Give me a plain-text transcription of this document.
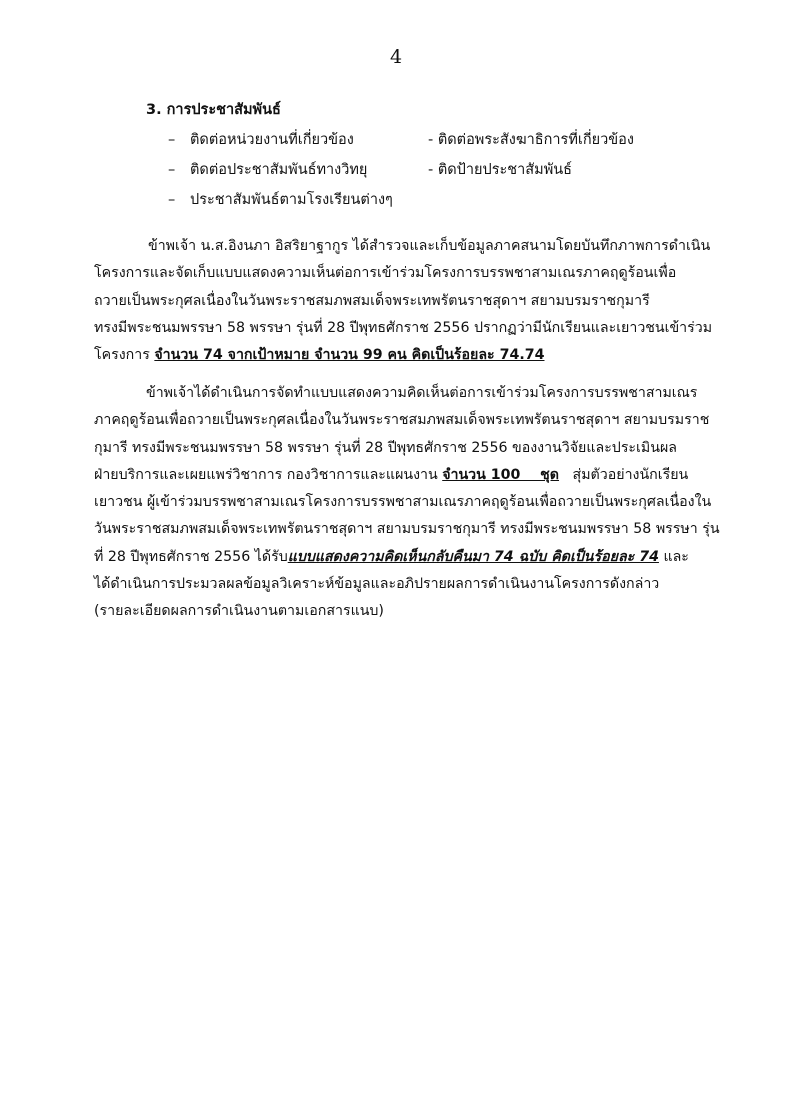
4
3. การประชาสัมพันธ์
– ติดต่อหน่วยงานที่เกี่ยวข้อง	- ติดต่อพระสังฆาธิการที่เกี่ยวข้อง
– ติดต่อประชาสัมพันธ์ทางวิทยุ	- ติดป้ายประชาสัมพันธ์
– ประชาสัมพันธ์ตามโรงเรียนต่างๆ
ข้าพเจ้า น.ส.อิงนภา อิสริยาฐากูร ได้สำรวจและเก็บข้อมูลภาคสนามโดยบันทึกภาพการดำเนิน
โครงการและจัดเก็บแบบแสดงความเห็นต่อการเข้าร่วมโครงการบรรพชาสามเณรภาคฤดูร้อนเพื่อ
ถวายเป็นพระกุศลเนื่องในวันพระราชสมภพสมเด็จพระเทพรัตนราชสุดาฯ สยามบรมราชกุมารี
ทรงมีพระชนมพรรษา 58 พรรษา รุ่นที่ 28 ปีพุทธศักราช 2556 ปรากฏว่ามีนักเรียนและเยาวชนเข้าร่วม
โครงการ จำนวน 74 จากเป้าหมาย จำนวน 99 คน คิดเป็นร้อยละ 74.74
ข้าพเจ้าได้ดำเนินการจัดทำแบบแสดงความคิดเห็นต่อการเข้าร่วมโครงการบรรพชาสามเณร
ภาคฤดูร้อนเพื่อถวายเป็นพระกุศลเนื่องในวันพระราชสมภพสมเด็จพระเทพรัตนราชสุดาฯ สยามบรมราช
กุมารี ทรงมีพระชนมพรรษา 58 พรรษา รุ่นที่ 28 ปีพุทธศักราช 2556 ของงานวิจัยและประเมินผล
ฝ่ายบริการและเผยแพร่วิชาการ กองวิชาการและแผนงาน จำนวน 100    ชุด   สุ่มตัวอย่างนักเรียน
เยาวชน ผู้เข้าร่วมบรรพชาสามเณรโครงการบรรพชาสามเณรภาคฤดูร้อนเพื่อถวายเป็นพระกุศลเนื่องใน
วันพระราชสมภพสมเด็จพระเทพรัตนราชสุดาฯ สยามบรมราชกุมารี ทรงมีพระชนมพรรษา 58 พรรษา รุ่น
ที่ 28 ปีพุทธศักราช 2556 ได้รับแบบแสดงความคิดเห็นกลับคืนมา 74 ฉบับ คิดเป็นร้อยละ 74 และ
ได้ดำเนินการประมวลผลข้อมูลวิเคราะห์ข้อมูลและอภิปรายผลการดำเนินงานโครงการดังกล่าว
(รายละเอียดผลการดำเนินงานตามเอกสารแนบ)
